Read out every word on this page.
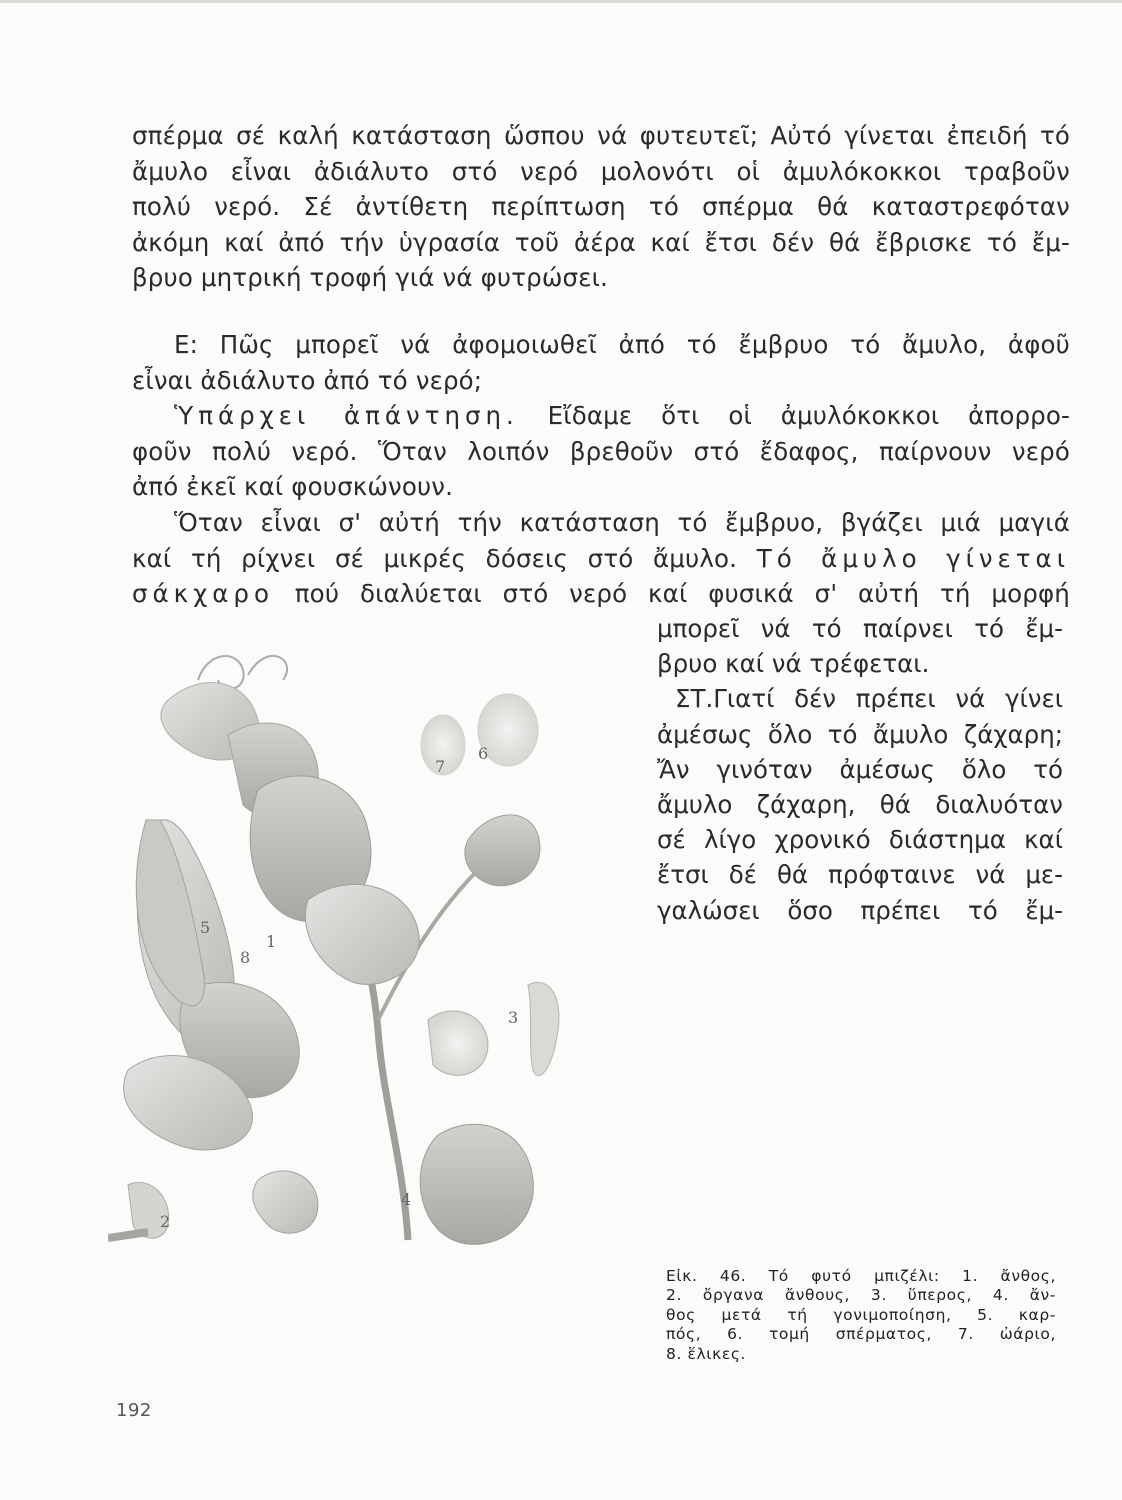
σπέρμα σέ καλή κατάσταση ὥσπου νά φυτευτεῖ; Αὐτό γίνεται ἐπειδή τό
ἄμυλο εἶναι ἀδιάλυτο στό νερό μολονότι οἱ ἀμυλόκοκκοι τραβοῦν
πολύ νερό. Σέ ἀντίθετη περίπτωση τό σπέρμα θά καταστρεφόταν
ἀκόμη καί ἀπό τήν ὑγρασία τοῦ ἀέρα καί ἔτσι δέν θά ἔβρισκε τό ἔμ-
βρυο μητρική τροφή γιά νά φυτρώσει.

Ε: Πῶς μπορεῖ νά ἀφομοιωθεῖ ἀπό τό ἔμβρυο τό ἄμυλο, ἀφοῦ
εἶναι ἀδιάλυτο ἀπό τό νερό;

Ὑπάρχει ἀπάντηση. Εἴδαμε ὅτι οἱ ἀμυλόκοκκοι ἀπορρο-
φοῦν πολύ νερό. Ὅταν λοιπόν βρεθοῦν στό ἔδαφος, παίρνουν νερό
ἀπό ἐκεῖ καί φουσκώνουν.

Ὅταν εἶναι σ' αὐτή τήν κατάσταση τό ἔμβρυο, βγάζει μιά μαγιά
καί τή ρίχνει σέ μικρές δόσεις στό ἄμυλο. Τό ἄμυλο γίνεται
σάκχαρο πού διαλύεται στό νερό καί φυσικά σ' αὐτή τή μορφή

μπορεῖ νά τό παίρνει τό ἔμ-
βρυο καί νά τρέφεται.
ΣΤ.Γιατί δέν πρέπει νά γίνει
ἀμέσως ὅλο τό ἄμυλο ζάχαρη;
Ἄν γινόταν ἀμέσως ὅλο τό
ἄμυλο ζάχαρη, θά διαλυόταν
σέ λίγο χρονικό διάστημα καί
ἔτσι δέ θά πρόφταινε νά με-
γαλώσει ὅσο πρέπει τό ἔμ-

1
2
3
4
5
6
7
8
Εἰκ. 46. Τό φυτό μπιζέλι: 1. ἄνθος,
2. ὄργανα ἄνθους, 3. ὕπερος, 4. ἄν-
θος μετά τή γονιμοποίηση, 5. καρ-
πός, 6. τομή σπέρματος, 7. ὠάριο,
8. ἕλικες.
192
